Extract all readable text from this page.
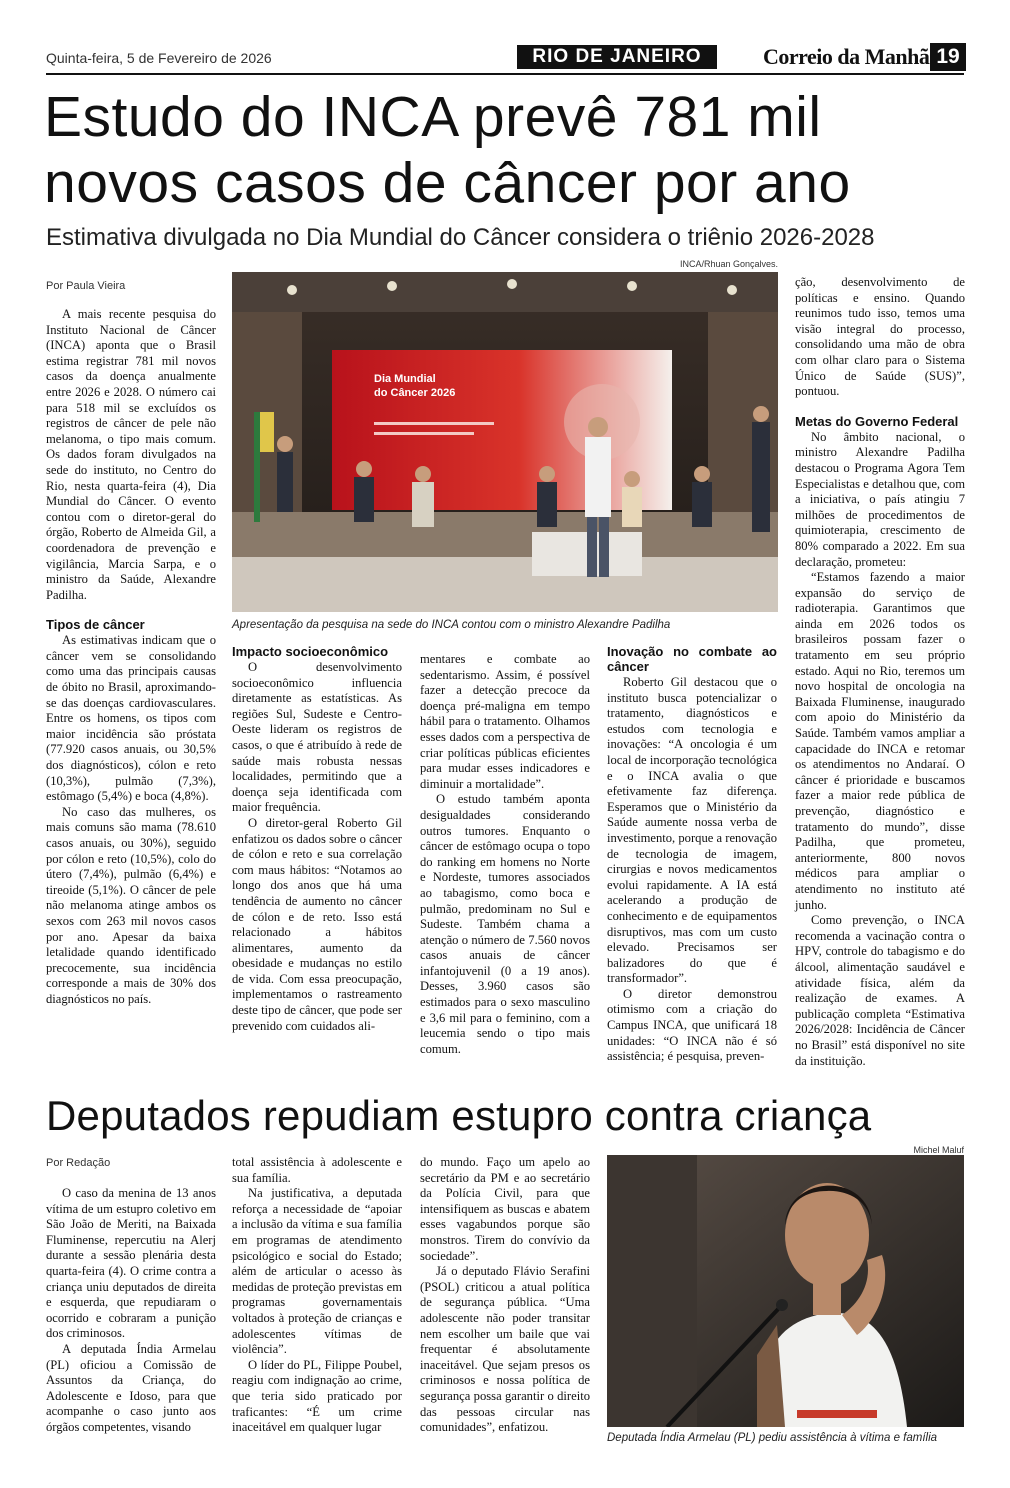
Quinta-feira, 5 de Fevereiro de 2026	RIO DE JANEIRO	Correio da Manhã 19
Estudo do INCA prevê 781 mil novos casos de câncer por ano
Estimativa divulgada no Dia Mundial do Câncer considera o triênio 2026-2028
Por Paula Vieira
INCA/Rhuan Gonçalves.
Dia Mundial
do Câncer 2026
Apresentação da pesquisa na sede do INCA contou com o ministro Alexandre Padilha

A mais recente pesquisa do Instituto Nacional de Câncer (INCA) aponta que o Brasil estima registrar 781 mil novos casos da doença anualmente entre 2026 e 2028. O número cai para 518 mil se excluídos os registros de câncer de pele não melanoma, o tipo mais comum. Os dados foram divulgados na sede do instituto, no Centro do Rio, nesta quarta-feira (4), Dia Mundial do Câncer. O evento contou com o diretor-geral do órgão, Roberto de Almeida Gil, a coordenadora de prevenção e vigilância, Marcia Sarpa, e o ministro da Saúde, Alexandre Padilha.

Tipos de câncer

As estimativas indicam que o câncer vem se consolidando como uma das principais causas de óbito no Brasil, aproximando-se das doenças cardiovasculares. Entre os homens, os tipos com maior incidência são próstata (77.920 casos anuais, ou 30,5% dos diagnósticos), cólon e reto (10,3%), pulmão (7,3%), estômago (5,4%) e boca (4,8%).

No caso das mulheres, os mais comuns são mama (78.610 casos anuais, ou 30%), seguido por cólon e reto (10,5%), colo do útero (7,4%), pulmão (6,4%) e tireoide (5,1%). O câncer de pele não melanoma atinge ambos os sexos com 263 mil novos casos por ano. Apesar da baixa letalidade quando identificado precocemente, sua incidência corresponde a mais de 30% dos diagnósticos no país.

Impacto socioeconômico

O desenvolvimento socioeconômico influencia diretamente as estatísticas. As regiões Sul, Sudeste e Centro-Oeste lideram os registros de casos, o que é atribuído à rede de saúde mais robusta nessas localidades, permitindo que a doença seja identificada com maior frequência.

O diretor-geral Roberto Gil enfatizou os dados sobre o câncer de cólon e reto e sua correlação com maus hábitos: “Notamos ao longo dos anos que há uma tendência de aumento no câncer de cólon e de reto. Isso está relacionado a hábitos alimentares, aumento da obesidade e mudanças no estilo de vida. Com essa preocupação, implementamos o rastreamento deste tipo de câncer, que pode ser prevenido com cuidados ali-

mentares e combate ao sedentarismo. Assim, é possível fazer a detecção precoce da doença pré-maligna em tempo hábil para o tratamento. Olhamos esses dados com a perspectiva de criar políticas públicas eficientes para mudar esses indicadores e diminuir a mortalidade”.

O estudo também aponta desigualdades considerando outros tumores. Enquanto o câncer de estômago ocupa o topo do ranking em homens no Norte e Nordeste, tumores associados ao tabagismo, como boca e pulmão, predominam no Sul e Sudeste. Também chama a atenção o número de 7.560 novos casos anuais de câncer infantojuvenil (0 a 19 anos). Desses, 3.960 casos são estimados para o sexo masculino e 3,6 mil para o feminino, com a leucemia sendo o tipo mais comum.

Inovação no combate ao câncer

Roberto Gil destacou que o instituto busca potencializar o tratamento, diagnósticos e estudos com tecnologia e inovações: “A oncologia é um local de incorporação tecnológica e o INCA avalia o que efetivamente faz diferença. Esperamos que o Ministério da Saúde aumente nossa verba de investimento, porque a renovação de tecnologia de imagem, cirurgias e novos medicamentos evolui rapidamente. A IA está acelerando a produção de conhecimento e de equipamentos disruptivos, mas com um custo elevado. Precisamos ser balizadores do que é transformador”.

O diretor demonstrou otimismo com a criação do Campus INCA, que unificará 18 unidades: “O INCA não é só assistência; é pesquisa, preven-

ção, desenvolvimento de políticas e ensino. Quando reunimos tudo isso, temos uma visão integral do processo, consolidando uma mão de obra com olhar claro para o Sistema Único de Saúde (SUS)”, pontuou.

Metas do Governo Federal

No âmbito nacional, o ministro Alexandre Padilha destacou o Programa Agora Tem Especialistas e detalhou que, com a iniciativa, o país atingiu 7 milhões de procedimentos de quimioterapia, crescimento de 80% comparado a 2022. Em sua declaração, prometeu:

“Estamos fazendo a maior expansão do serviço de radioterapia. Garantimos que ainda em 2026 todos os brasileiros possam fazer o tratamento em seu próprio estado. Aqui no Rio, teremos um novo hospital de oncologia na Baixada Fluminense, inaugurado com apoio do Ministério da Saúde. Também vamos ampliar a capacidade do INCA e retomar os atendimentos no Andaraí. O câncer é prioridade e buscamos fazer a maior rede pública de prevenção, diagnóstico e tratamento do mundo”, disse Padilha, que prometeu, anteriormente, 800 novos médicos para ampliar o atendimento no instituto até junho.

Como prevenção, o INCA recomenda a vacinação contra o HPV, controle do tabagismo e do álcool, alimentação saudável e atividade física, além da realização de exames. A publicação completa “Estimativa 2026/2028: Incidência de Câncer no Brasil” está disponível no site da instituição.

Deputados repudiam estupro contra criança
Por Redação
Michel Maluf

O caso da menina de 13 anos vítima de um estupro coletivo em São João de Meriti, na Baixada Fluminense, repercutiu na Alerj durante a sessão plenária desta quarta-feira (4). O crime contra a criança uniu deputados de direita e esquerda, que repudiaram o ocorrido e cobraram a punição dos criminosos.

A deputada Índia Armelau (PL) oficiou a Comissão de Assuntos da Criança, do Adolescente e Idoso, para que acompanhe o caso junto aos órgãos competentes, visando

total assistência à adolescente e sua família.

Na justificativa, a deputada reforça a necessidade de “apoiar a inclusão da vítima e sua família em programas de atendimento psicológico e social do Estado; além de articular o acesso às medidas de proteção previstas em programas governamentais voltados à proteção de crianças e adolescentes vítimas de violência”.

O líder do PL, Filippe Poubel, reagiu com indignação ao crime, que teria sido praticado por traficantes: “É um crime inaceitável em qualquer lugar

do mundo. Faço um apelo ao secretário da PM e ao secretário da Polícia Civil, para que intensifiquem as buscas e abatem esses vagabundos porque são monstros. Tirem do convívio da sociedade”.

Já o deputado Flávio Serafini (PSOL) criticou a atual política de segurança pública. “Uma adolescente não poder transitar nem escolher um baile que vai frequentar é absolutamente inaceitável. Que sejam presos os criminosos e nossa política de segurança possa garantir o direito das pessoas circular nas comunidades”, enfatizou.

Deputada Índia Armelau (PL) pediu assistência à vítima e família
